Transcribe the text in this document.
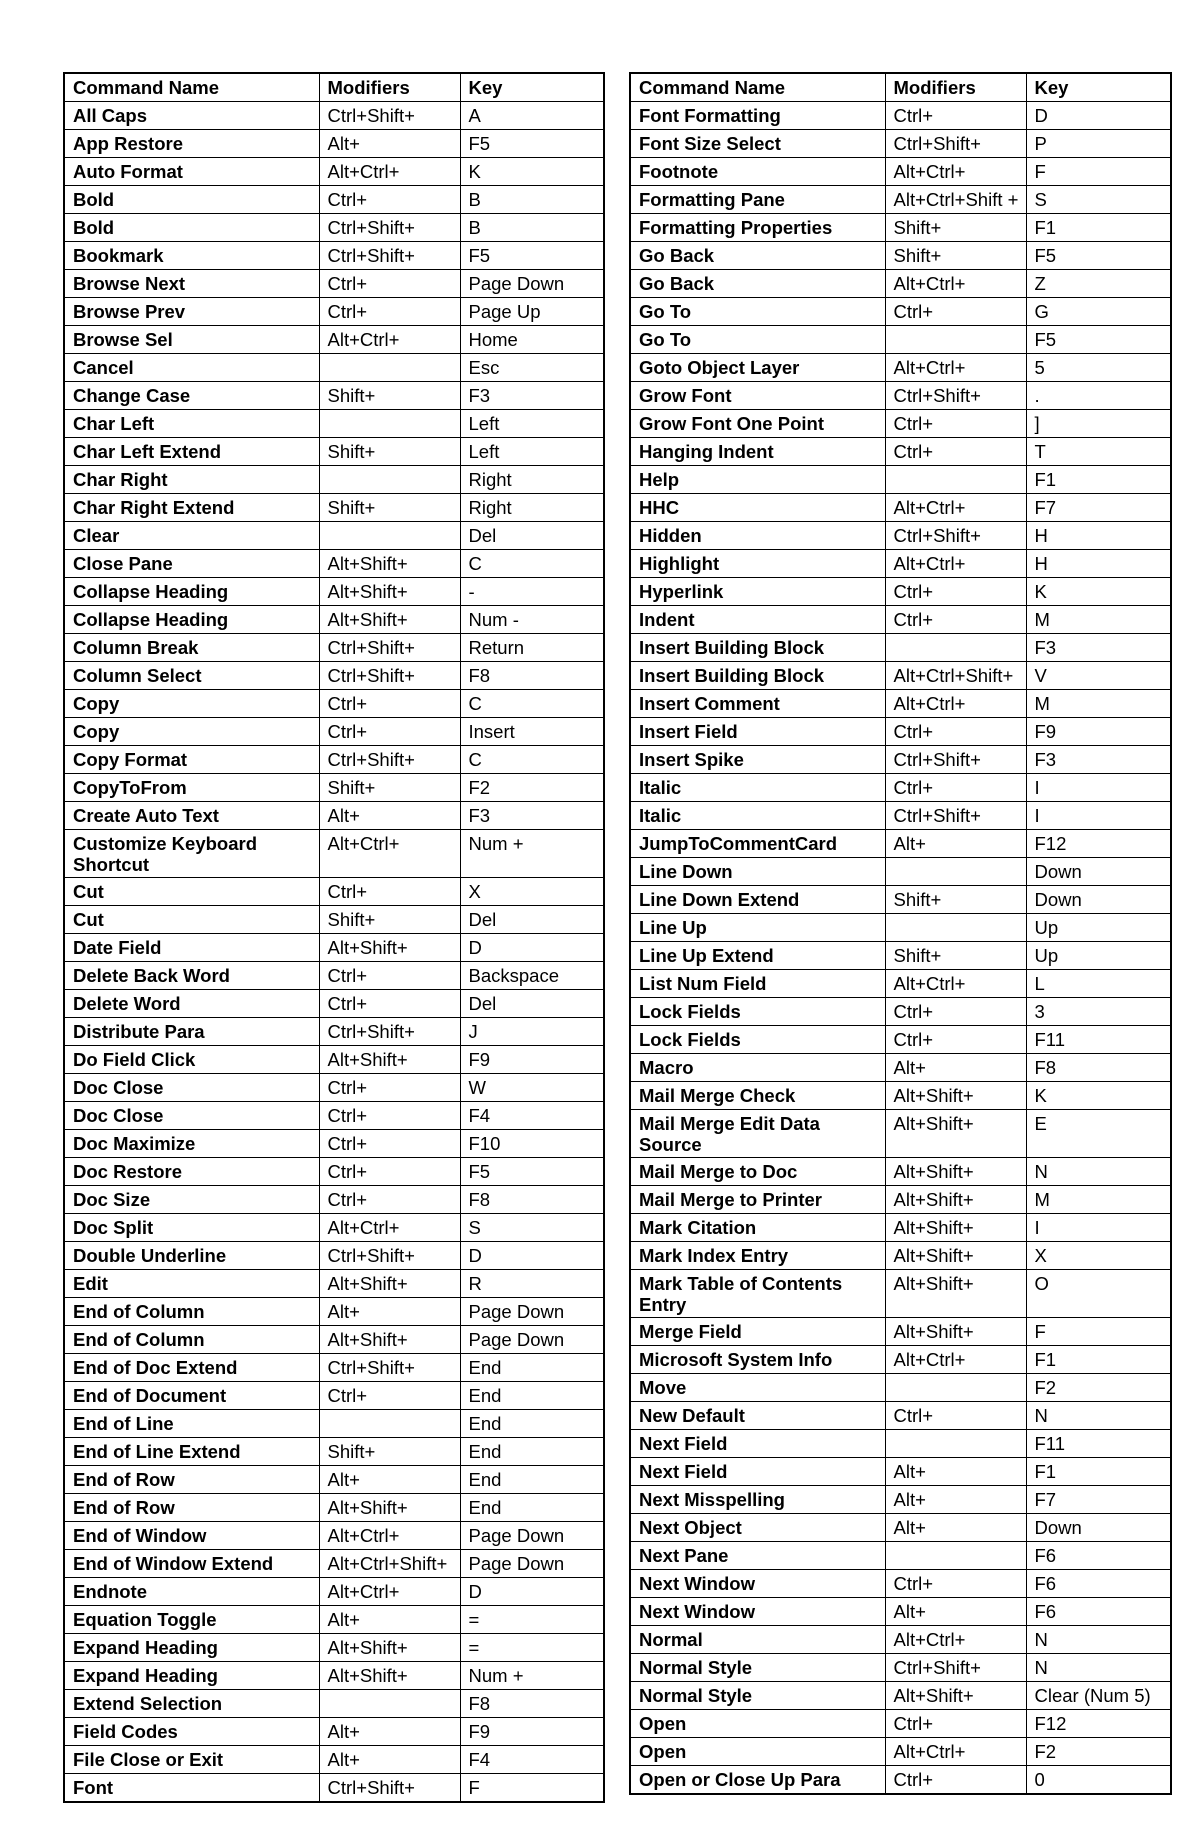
Command Name	Modifiers	Key
All Caps	Ctrl+Shift+	A
App Restore	Alt+	F5
Auto Format	Alt+Ctrl+	K
Bold	Ctrl+	B
Bold	Ctrl+Shift+	B
Bookmark	Ctrl+Shift+	F5
Browse Next	Ctrl+	Page Down
Browse Prev	Ctrl+	Page Up
Browse Sel	Alt+Ctrl+	Home
Cancel		Esc
Change Case	Shift+	F3
Char Left		Left
Char Left Extend	Shift+	Left
Char Right		Right
Char Right Extend	Shift+	Right
Clear		Del
Close Pane	Alt+Shift+	C
Collapse Heading	Alt+Shift+	-
Collapse Heading	Alt+Shift+	Num -
Column Break	Ctrl+Shift+	Return
Column Select	Ctrl+Shift+	F8
Copy	Ctrl+	C
Copy	Ctrl+	Insert
Copy Format	Ctrl+Shift+	C
CopyToFrom	Shift+	F2
Create Auto Text	Alt+	F3
Customize Keyboard Shortcut	Alt+Ctrl+	Num +
Cut	Ctrl+	X
Cut	Shift+	Del
Date Field	Alt+Shift+	D
Delete Back Word	Ctrl+	Backspace
Delete Word	Ctrl+	Del
Distribute Para	Ctrl+Shift+	J
Do Field Click	Alt+Shift+	F9
Doc Close	Ctrl+	W
Doc Close	Ctrl+	F4
Doc Maximize	Ctrl+	F10
Doc Restore	Ctrl+	F5
Doc Size	Ctrl+	F8
Doc Split	Alt+Ctrl+	S
Double Underline	Ctrl+Shift+	D
Edit	Alt+Shift+	R
End of Column	Alt+	Page Down
End of Column	Alt+Shift+	Page Down
End of Doc Extend	Ctrl+Shift+	End
End of Document	Ctrl+	End
End of Line		End
End of Line Extend	Shift+	End
End of Row	Alt+	End
End of Row	Alt+Shift+	End
End of Window	Alt+Ctrl+	Page Down
End of Window Extend	Alt+Ctrl+Shift+	Page Down
Endnote	Alt+Ctrl+	D
Equation Toggle	Alt+	=
Expand Heading	Alt+Shift+	=
Expand Heading	Alt+Shift+	Num +
Extend Selection		F8
Field Codes	Alt+	F9
File Close or Exit	Alt+	F4
Font	Ctrl+Shift+	F
Command Name	Modifiers	Key
Font Formatting	Ctrl+	D
Font Size Select	Ctrl+Shift+	P
Footnote	Alt+Ctrl+	F
Formatting Pane	Alt+Ctrl+Shift +	S
Formatting Properties	Shift+	F1
Go Back	Shift+	F5
Go Back	Alt+Ctrl+	Z
Go To	Ctrl+	G
Go To		F5
Goto Object Layer	Alt+Ctrl+	5
Grow Font	Ctrl+Shift+	.
Grow Font One Point	Ctrl+	]
Hanging Indent	Ctrl+	T
Help		F1
HHC	Alt+Ctrl+	F7
Hidden	Ctrl+Shift+	H
Highlight	Alt+Ctrl+	H
Hyperlink	Ctrl+	K
Indent	Ctrl+	M
Insert Building Block		F3
Insert Building Block	Alt+Ctrl+Shift+	V
Insert Comment	Alt+Ctrl+	M
Insert Field	Ctrl+	F9
Insert Spike	Ctrl+Shift+	F3
Italic	Ctrl+	I
Italic	Ctrl+Shift+	I
JumpToCommentCard	Alt+	F12
Line Down		Down
Line Down Extend	Shift+	Down
Line Up		Up
Line Up Extend	Shift+	Up
List Num Field	Alt+Ctrl+	L
Lock Fields	Ctrl+	3
Lock Fields	Ctrl+	F11
Macro	Alt+	F8
Mail Merge Check	Alt+Shift+	K
Mail Merge Edit Data Source	Alt+Shift+	E
Mail Merge to Doc	Alt+Shift+	N
Mail Merge to Printer	Alt+Shift+	M
Mark Citation	Alt+Shift+	I
Mark Index Entry	Alt+Shift+	X
Mark Table of Contents Entry	Alt+Shift+	O
Merge Field	Alt+Shift+	F
Microsoft System Info	Alt+Ctrl+	F1
Move		F2
New Default	Ctrl+	N
Next Field		F11
Next Field	Alt+	F1
Next Misspelling	Alt+	F7
Next Object	Alt+	Down
Next Pane		F6
Next Window	Ctrl+	F6
Next Window	Alt+	F6
Normal	Alt+Ctrl+	N
Normal Style	Ctrl+Shift+	N
Normal Style	Alt+Shift+	Clear (Num 5)
Open	Ctrl+	F12
Open	Alt+Ctrl+	F2
Open or Close Up Para	Ctrl+	0
